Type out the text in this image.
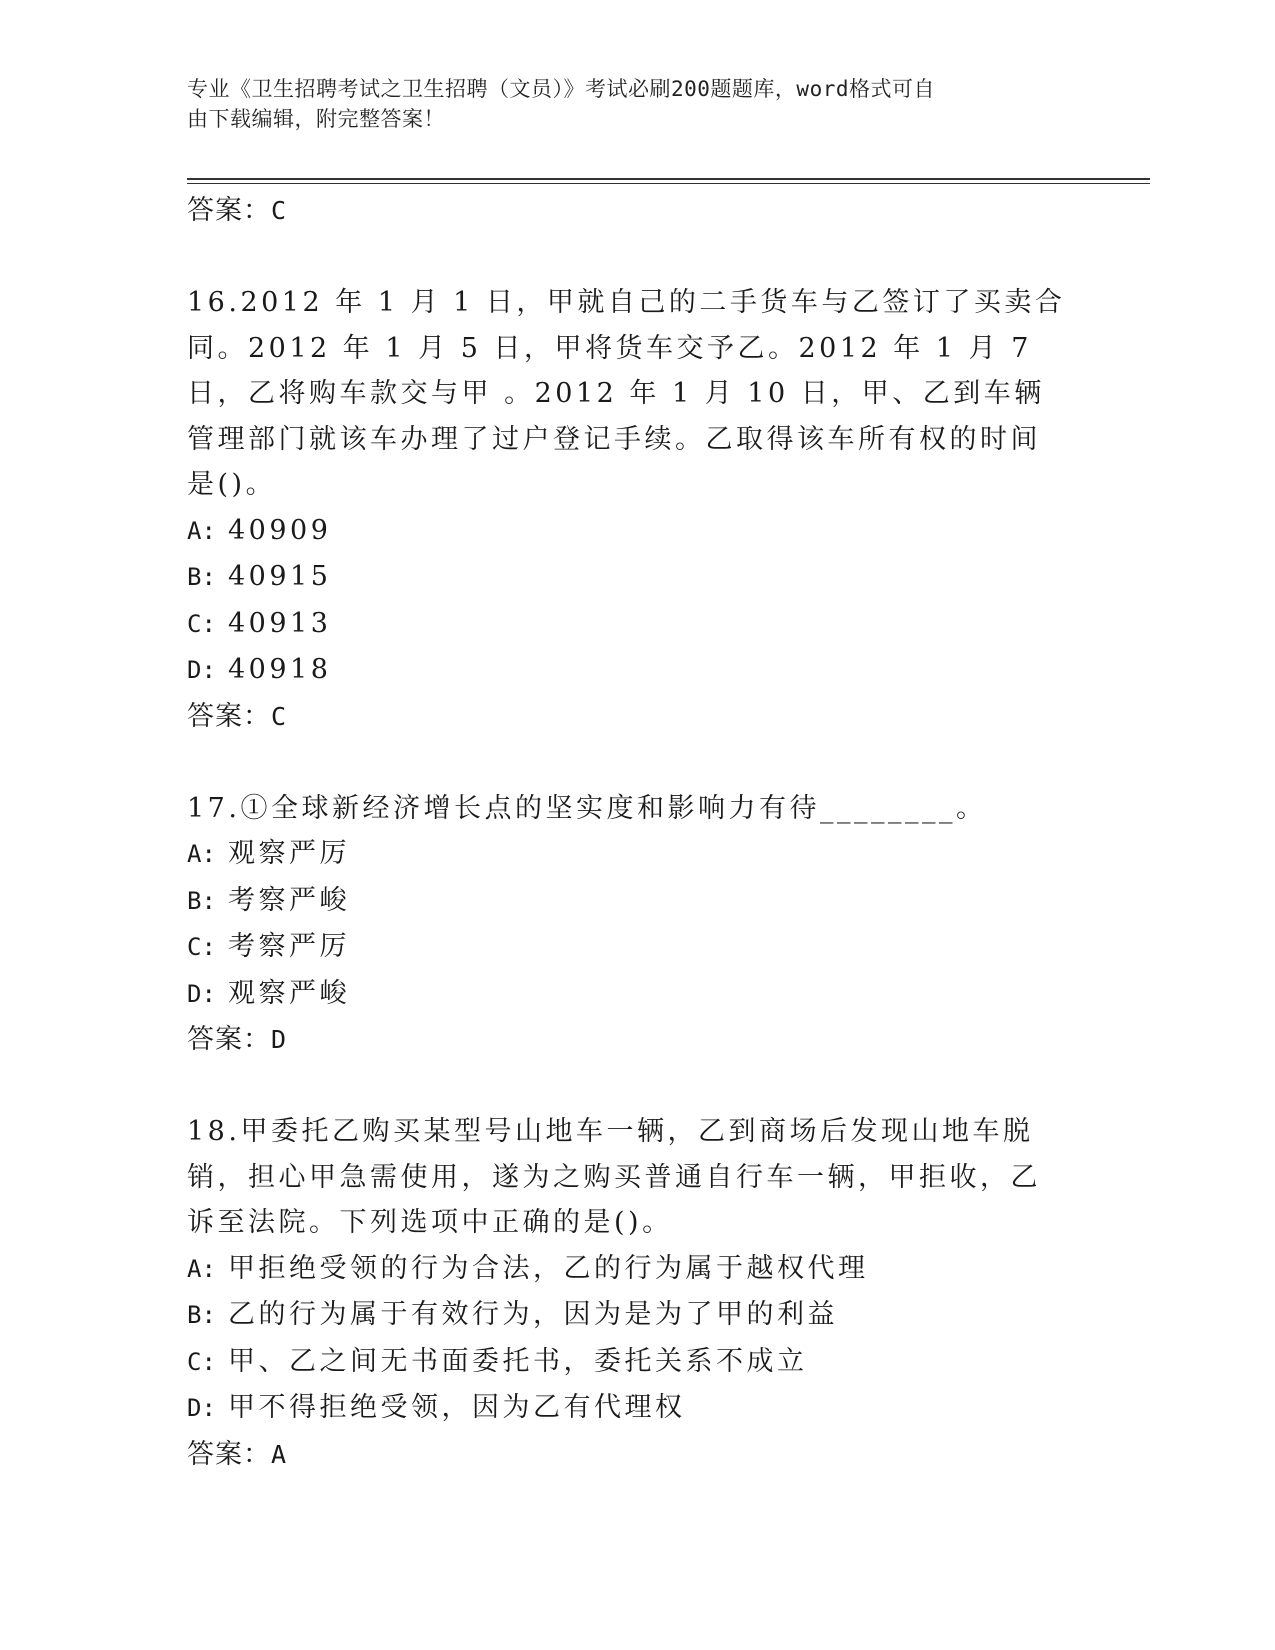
专业《卫生招聘考试之卫生招聘（文员）》考试必刷200题题库，word格式可自
由下载编辑，附完整答案！

答案：C

16.2012 年 1 月 1 日，甲就自己的二手货车与乙签订了买卖合同。2012 年 1 月 5 日，甲将货车交予乙。2012 年 1 月 7 日，乙将购车款交与甲 。2012 年 1 月 10 日，甲、乙到车辆管理部门就该车办理了过户登记手续。乙取得该车所有权的时间是()。

A: 40909

B: 40915

C: 40913

D: 40918

答案：C

17.①全球新经济增长点的坚实度和影响力有待________。

A: 观察严厉

B: 考察严峻

C: 考察严厉

D: 观察严峻

答案：D

18.甲委托乙购买某型号山地车一辆，乙到商场后发现山地车脱销，担心甲急需使用，遂为之购买普通自行车一辆，甲拒收，乙诉至法院。下列选项中正确的是()。

A: 甲拒绝受领的行为合法，乙的行为属于越权代理

B: 乙的行为属于有效行为，因为是为了甲的利益

C: 甲、乙之间无书面委托书，委托关系不成立

D: 甲不得拒绝受领，因为乙有代理权

答案：A
